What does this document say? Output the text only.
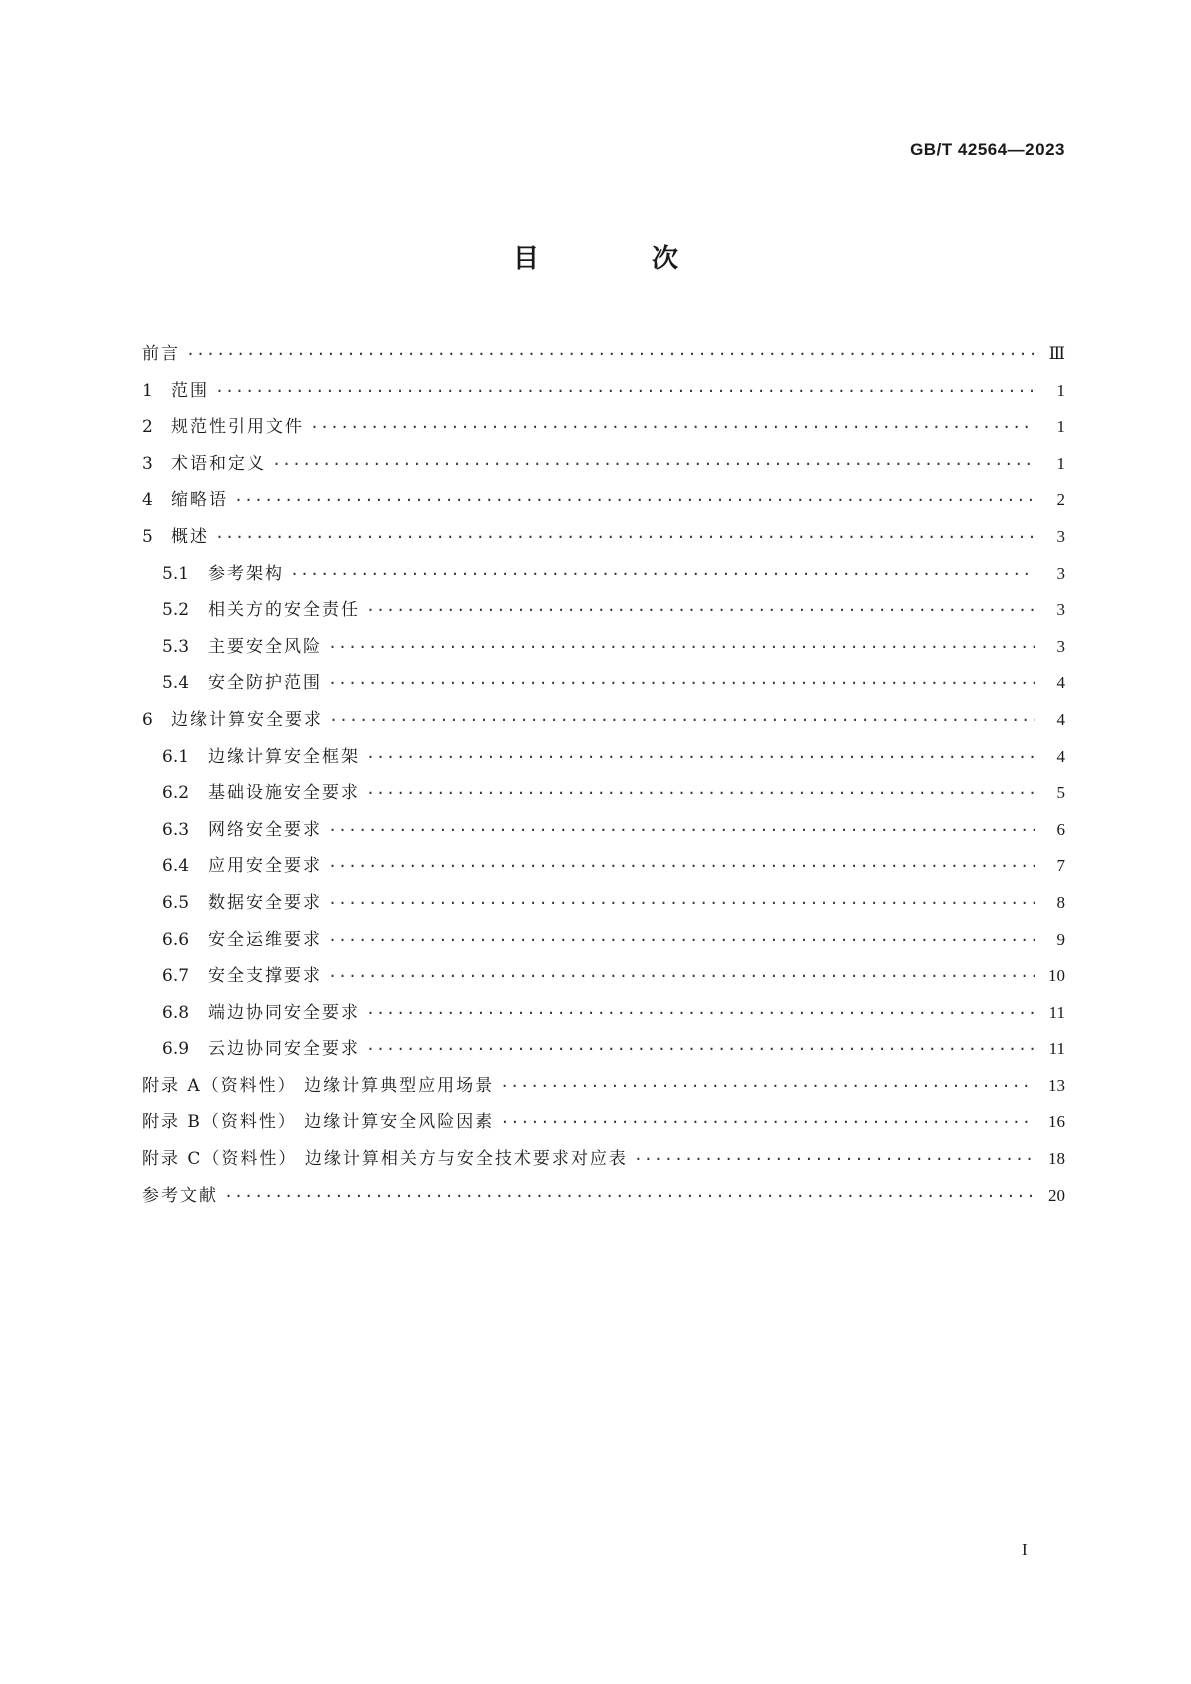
GB/T 42564—2023
目 次
前言 ·····	Ⅲ
1	范围 ·····	1
2	规范性引用文件 ·····	1
3	术语和定义 ·····	1
4	缩略语 ·····	2
5	概述 ·····	3
5.1	参考架构 ·····	3
5.2	相关方的安全责任 ·····	3
5.3	主要安全风险 ·····	3
5.4	安全防护范围 ·····	4
6	边缘计算安全要求 ·····	4
6.1	边缘计算安全框架 ·····	4
6.2	基础设施安全要求 ·····	5
6.3	网络安全要求 ·····	6
6.4	应用安全要求 ·····	7
6.5	数据安全要求 ·····	8
6.6	安全运维要求 ·····	9
6.7	安全支撑要求 ·····	10
6.8	端边协同安全要求 ·····	11
6.9	云边协同安全要求 ·····	11
附录 A（资料性） 边缘计算典型应用场景 ·····	13
附录 B（资料性） 边缘计算安全风险因素 ·····	16
附录 C（资料性） 边缘计算相关方与安全技术要求对应表 ·····	18
参考文献 ·····	20
I
